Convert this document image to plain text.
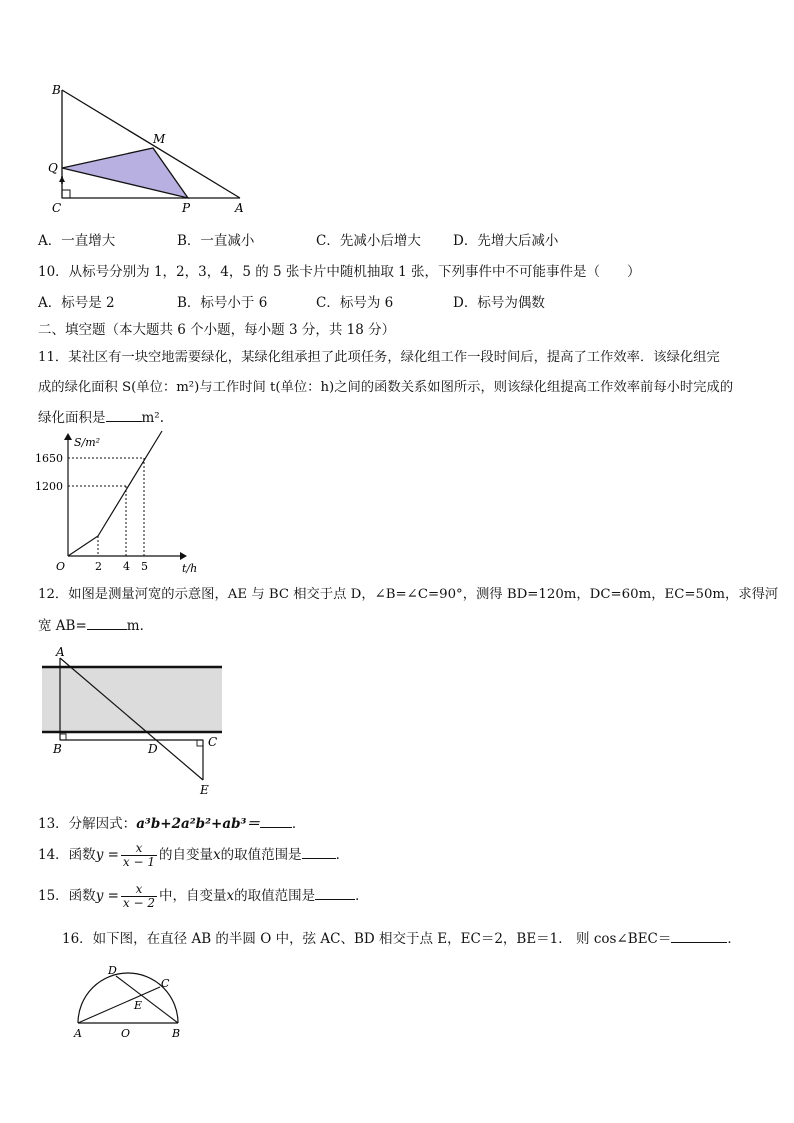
B
M
Q
C	P	A
A．一直增大	B．一直减小	C．先减小后增大 D．先增大后减小
10．从标号分别为 1，2，3，4，5 的 5 张卡片中随机抽取 1 张，下列事件中不可能事件是（　　）
A．标号是 2	B．标号小于 6	C．标号为 6	D．标号为偶数
二、填空题（本大题共 6 个小题，每小题 3 分，共 18 分）
11．某社区有一块空地需要绿化，某绿化组承担了此项任务，绿化组工作一段时间后，提高了工作效率．该绿化组完
成的绿化面积 S(单位：m²)与工作时间 t(单位：h)之间的函数关系如图所示，则该绿化组提高工作效率前每小时完成的
绿化面积是	m².
S/m²
t/h
O
1650
1200
2 4 5
12．如图是测量河宽的示意图，AE 与 BC 相交于点 D，∠B=∠C=90°，测得 BD=120m，DC=60m，EC=50m，求得河
宽 AB=	m．
A
B	D	C
E
13．分解因式：a³b+2a²b²+ab³＝ ．
14．函数$y = \frac{x}{x - 1}$ 的自变量x的取值范围是	．
15．函数$y = \frac{x}{x - 2}$ 中，自变量x的取值范围是	．
16．如下图，在直径 AB 的半圆 O 中，弦 AC、BD 相交于点 E，EC＝2，BE＝1． 则 cos∠BEC＝	．
D
C
E
A	O	B
